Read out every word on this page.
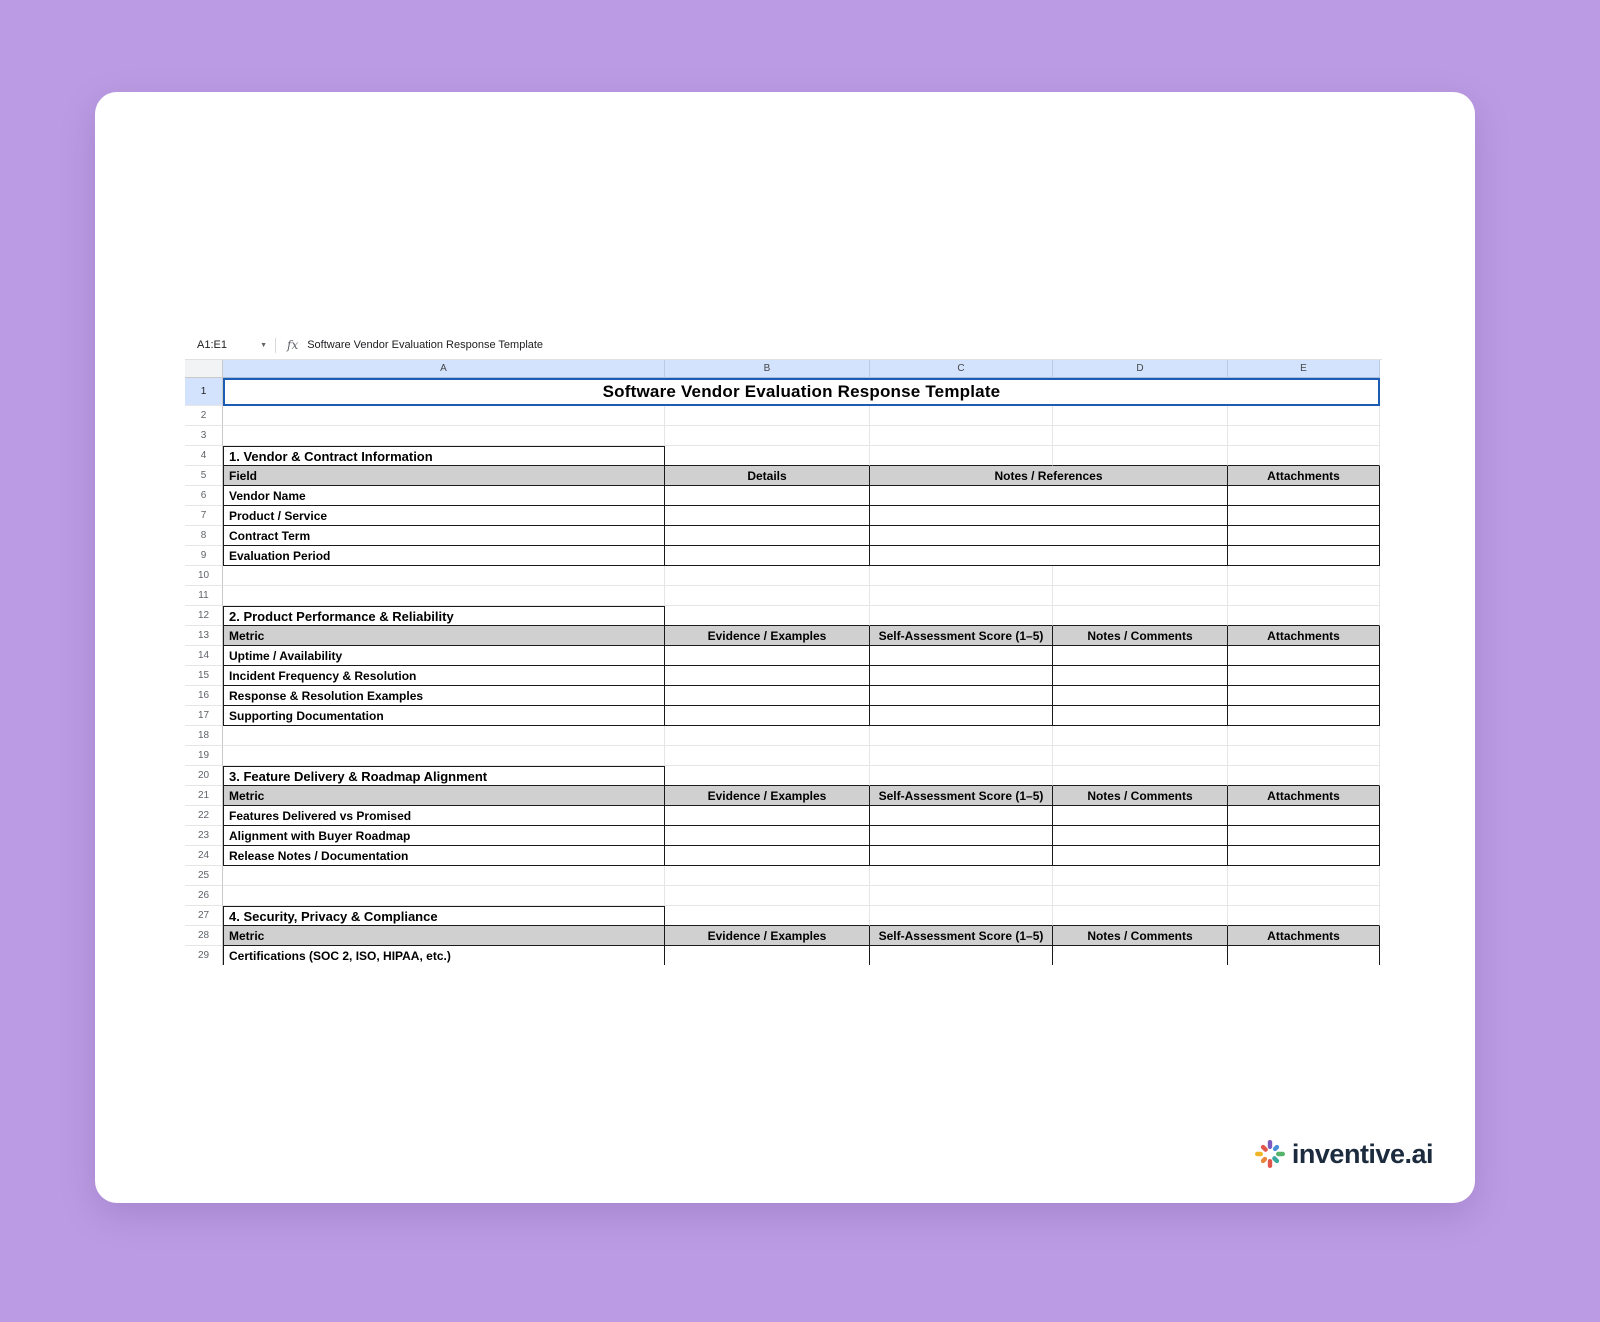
A1:E1	▼ fx Software Vendor Evaluation Response Template
A	B	C	D	E
1	Software Vendor Evaluation Response Template
2
3
4	1. Vendor & Contract Information
5	Field	Details	Notes / References	Attachments
6	Vendor Name
7	Product / Service
8	Contract Term
9	Evaluation Period
10
11
12	2. Product Performance & Reliability
13	Metric	Evidence / Examples	Self-Assessment Score (1–5)	Notes / Comments	Attachments
14	Uptime / Availability
15	Incident Frequency & Resolution
16	Response & Resolution Examples
17	Supporting Documentation
18
19
20	3. Feature Delivery & Roadmap Alignment
21	Metric	Evidence / Examples	Self-Assessment Score (1–5)	Notes / Comments	Attachments
22	Features Delivered vs Promised
23	Alignment with Buyer Roadmap
24	Release Notes / Documentation
25
26
27	4. Security, Privacy & Compliance
28	Metric	Evidence / Examples	Self-Assessment Score (1–5)	Notes / Comments	Attachments
29	Certifications (SOC 2, ISO, HIPAA, etc.)
inventive.ai
